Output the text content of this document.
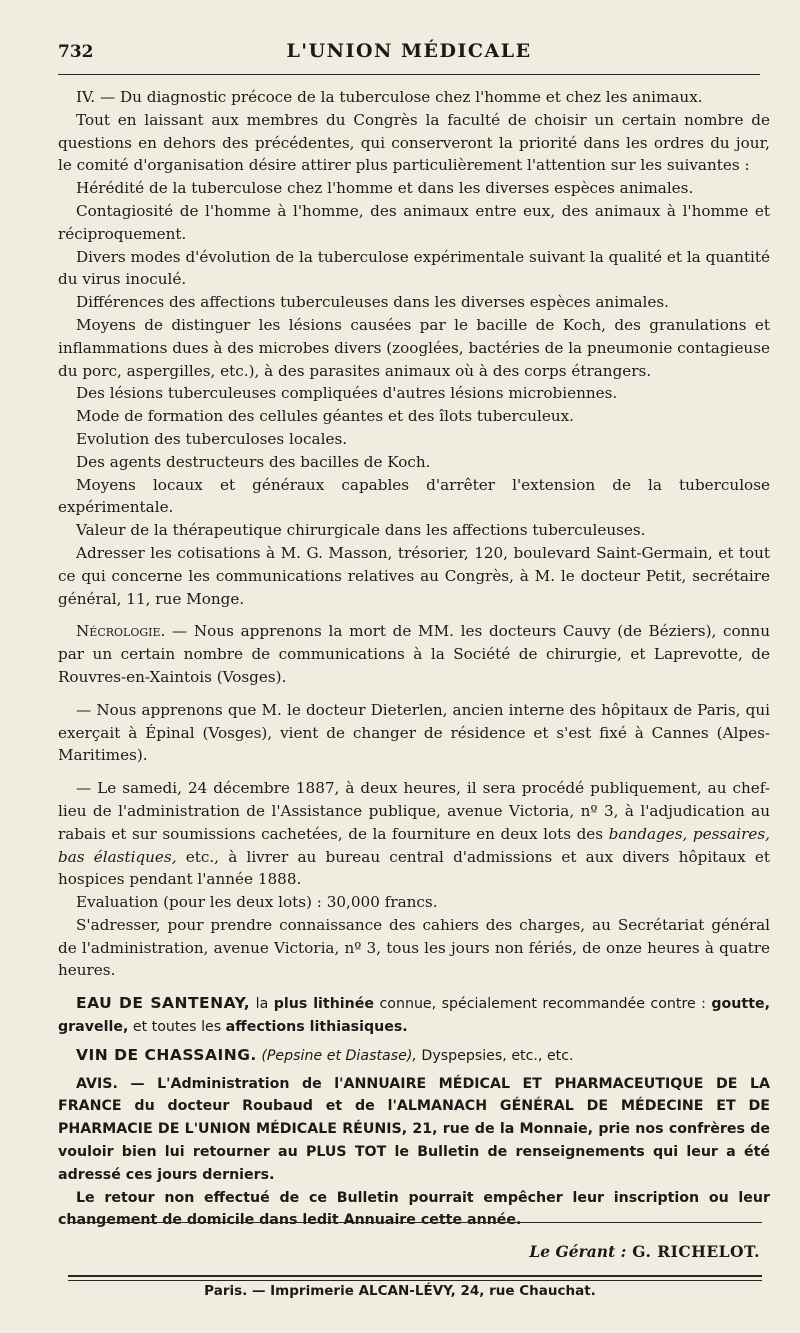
732	L'UNION MÉDICALE

IV. — Du diagnostic précoce de la tuberculose chez l'homme et chez les animaux.

Tout en laissant aux membres du Congrès la faculté de choisir un certain nombre de questions en dehors des précédentes, qui conserveront la priorité dans les ordres du jour, le comité d'organisation désire attirer plus particulièrement l'attention sur les suivantes :

Hérédité de la tuberculose chez l'homme et dans les diverses espèces animales.

Contagiosité de l'homme à l'homme, des animaux entre eux, des animaux à l'homme et réciproquement.

Divers modes d'évolution de la tuberculose expérimentale suivant la qualité et la quantité du virus inoculé.

Différences des affections tuberculeuses dans les diverses espèces animales.

Moyens de distinguer les lésions causées par le bacille de Koch, des granulations et inflammations dues à des microbes divers (zooglées, bactéries de la pneumonie contagieuse du porc, aspergilles, etc.), à des parasites animaux où à des corps étrangers.

Des lésions tuberculeuses compliquées d'autres lésions microbiennes.

Mode de formation des cellules géantes et des îlots tuberculeux.

Evolution des tuberculoses locales.

Des agents destructeurs des bacilles de Koch.

Moyens locaux et généraux capables d'arrêter l'extension de la tuberculose expérimentale.

Valeur de la thérapeutique chirurgicale dans les affections tuberculeuses.

Adresser les cotisations à M. G. Masson, trésorier, 120, boulevard Saint-Germain, et tout ce qui concerne les communications relatives au Congrès, à M. le docteur Petit, secrétaire général, 11, rue Monge.

Nécrologie. — Nous apprenons la mort de MM. les docteurs Cauvy (de Béziers), connu par un certain nombre de communications à la Société de chirurgie, et Laprevotte, de Rouvres-en-Xaintois (Vosges).

— Nous apprenons que M. le docteur Dieterlen, ancien interne des hôpitaux de Paris, qui exerçait à Épinal (Vosges), vient de changer de résidence et s'est fixé à Cannes (Alpes-Maritimes).

— Le samedi, 24 décembre 1887, à deux heures, il sera procédé publiquement, au chef-lieu de l'administration de l'Assistance publique, avenue Victoria, nº 3, à l'adjudication au rabais et sur soumissions cachetées, de la fourniture en deux lots des bandages, pessaires, bas élastiques, etc., à livrer au bureau central d'admissions et aux divers hôpitaux et hospices pendant l'année 1888.

Evaluation (pour les deux lots) : 30,000 francs.

S'adresser, pour prendre connaissance des cahiers des charges, au Secrétariat général de l'administration, avenue Victoria, nº 3, tous les jours non fériés, de onze heures à quatre heures.

EAU DE SANTENAY, la plus lithinée connue, spécialement recommandée contre : goutte, gravelle, et toutes les affections lithiasiques.

VIN DE CHASSAING. (Pepsine et Diastase), Dyspepsies, etc., etc.

AVIS. — L'Administration de l'ANNUAIRE MÉDICAL ET PHARMACEUTIQUE DE LA FRANCE du docteur Roubaud et de l'ALMANACH GÉNÉRAL DE MÉDECINE ET DE PHARMACIE DE L'UNION MÉDICALE RÉUNIS, 21, rue de la Monnaie, prie nos confrères de vouloir bien lui retourner au PLUS TOT le Bulletin de renseignements qui leur a été adressé ces jours derniers.

Le retour non effectué de ce Bulletin pourrait empêcher leur inscription ou leur changement de domicile dans ledit Annuaire cette année.

Le Gérant : G. RICHELOT.
Paris. — Imprimerie ALCAN-LÉVY, 24, rue Chauchat.
